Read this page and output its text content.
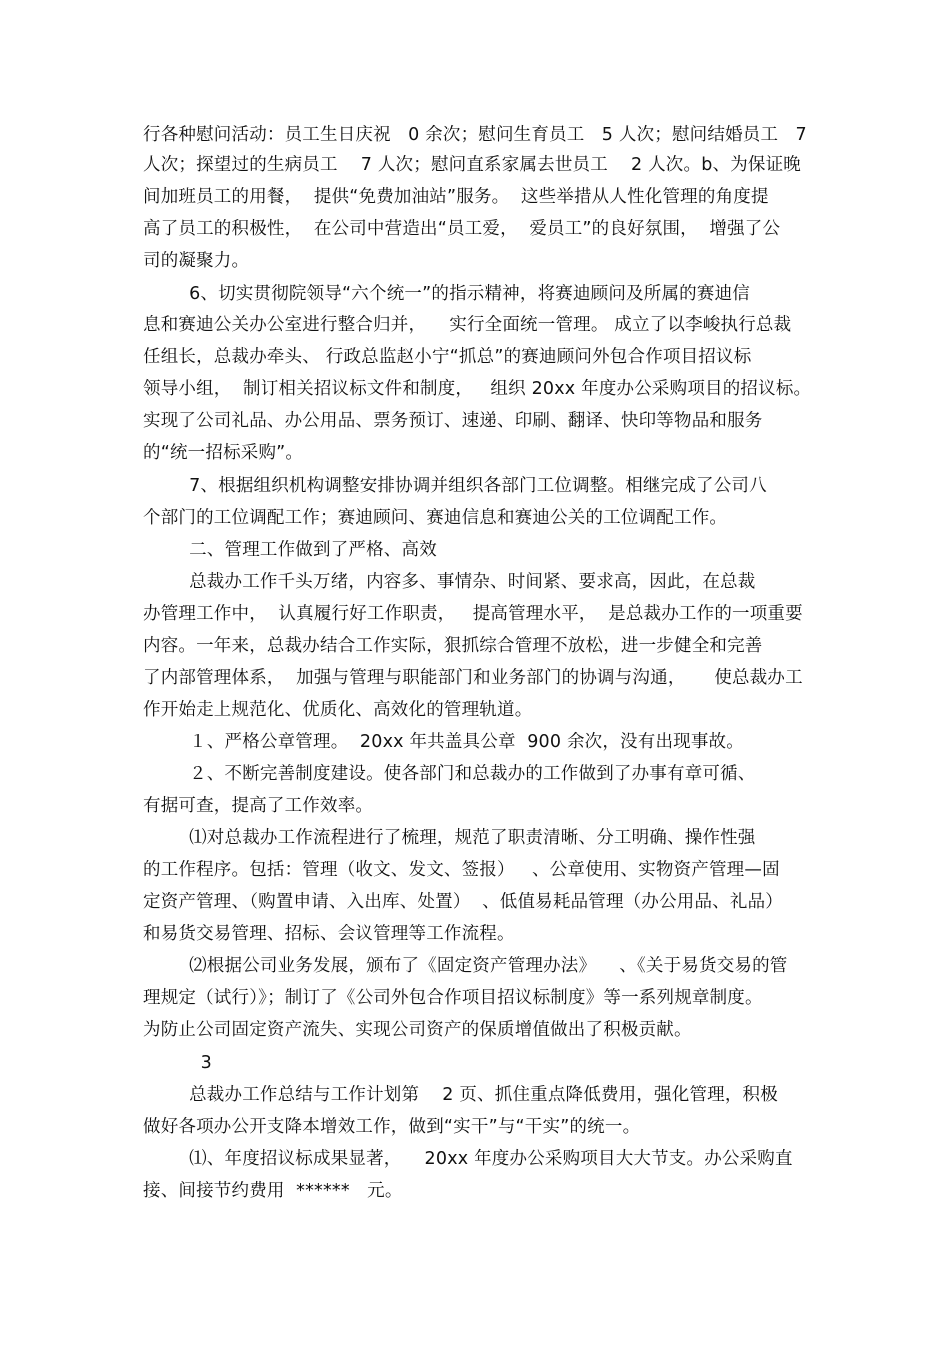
行各种慰问活动：员工生日庆祝   0 余次；慰问生育员工   5 人次；慰问结婚员工   7
人次；探望过的生病员工    7 人次；慰问直系家属去世员工    2 人次。b、为保证晚
间加班员工的用餐，  提供“免费加油站”服务。  这些举措从人性化管理的角度提
高了员工的积极性，  在公司中营造出“员工爱，  爱员工”的良好氛围，  增强了公
司的凝聚力。
6、切实贯彻院领导“六个统一”的指示精神，将赛迪顾问及所属的赛迪信
息和赛迪公关办公室进行整合归并，    实行全面统一管理。 成立了以李峻执行总裁
任组长，总裁办牵头、 行政总监赵小宁“抓总”的赛迪顾问外包合作项目招议标
领导小组，  制订相关招议标文件和制度，   组织 20xx 年度办公采购项目的招议标。
实现了公司礼品、办公用品、票务预订、速递、印刷、翻译、快印等物品和服务
的“统一招标采购”。
7、根据组织机构调整安排协调并组织各部门工位调整。相继完成了公司八
个部门的工位调配工作；赛迪顾问、赛迪信息和赛迪公关的工位调配工作。
二、管理工作做到了严格、高效
总裁办工作千头万绪，内容多、事情杂、时间紧、要求高，因此，在总裁
办管理工作中，  认真履行好工作职责，   提高管理水平，  是总裁办工作的一项重要
内容。一年来，总裁办结合工作实际，狠抓综合管理不放松，进一步健全和完善
了内部管理体系，  加强与管理与职能部门和业务部门的协调与沟通，     使总裁办工
作开始走上规范化、优质化、高效化的管理轨道。
１、严格公章管理。  20xx 年共盖具公章  900 余次，没有出现事故。
２、不断完善制度建设。使各部门和总裁办的工作做到了办事有章可循、
有据可查，提高了工作效率。
⑴对总裁办工作流程进行了梳理，规范了职责清晰、分工明确、操作性强
的工作程序。包括：管理（收文、发文、签报）   、公章使用、实物资产管理—固
定资产管理、（购置申请、入出库、处置）  、低值易耗品管理（办公用品、礼品）
和易货交易管理、招标、会议管理等工作流程。
⑵根据公司业务发展，颁布了《固定资产管理办法》    、《关于易货交易的管
理规定（试行）》；制订了《公司外包合作项目招议标制度》等一系列规章制度。
为防止公司固定资产流失、实现公司资产的保质增值做出了积极贡献。
3
总裁办工作总结与工作计划第    2 页、抓住重点降低费用，强化管理，积极
做好各项办公开支降本增效工作，做到“实干”与“干实”的统一。
⑴、年度招议标成果显著，    20xx 年度办公采购项目大大节支。办公采购直
接、间接节约费用  ******   元。
